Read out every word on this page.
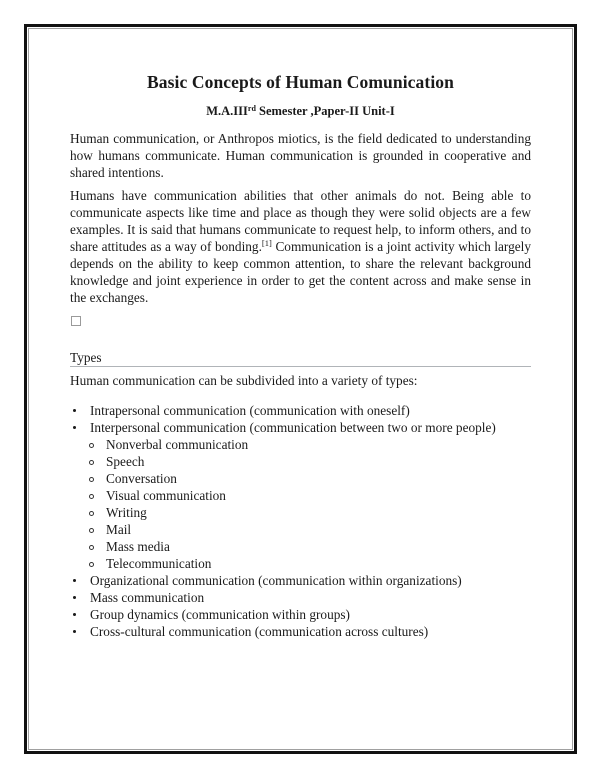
Basic Concepts of Human Comunication
M.A.IIIrd Semester ,Paper-II Unit-I

Human communication, or Anthropos miotics, is the field dedicated to understanding how humans communicate. Human communication is grounded in cooperative and shared intentions.

Humans have communication abilities that other animals do not. Being able to communicate aspects like time and place as though they were solid objects are a few examples. It is said that humans communicate to request help, to inform others, and to share attitudes as a way of bonding.[1] Communication is a joint activity which largely depends on the ability to keep common attention, to share the relevant background knowledge and joint experience in order to get the content across and make sense in the exchanges.

Types

Human communication can be subdivided into a variety of types:

Intrapersonal communication (communication with oneself)
Interpersonal communication (communication between two or more people)
Nonverbal communication
Speech
Conversation
Visual communication
Writing
Mail
Mass media
Telecommunication
Organizational communication (communication within organizations)
Mass communication
Group dynamics (communication within groups)
Cross-cultural communication (communication across cultures)
